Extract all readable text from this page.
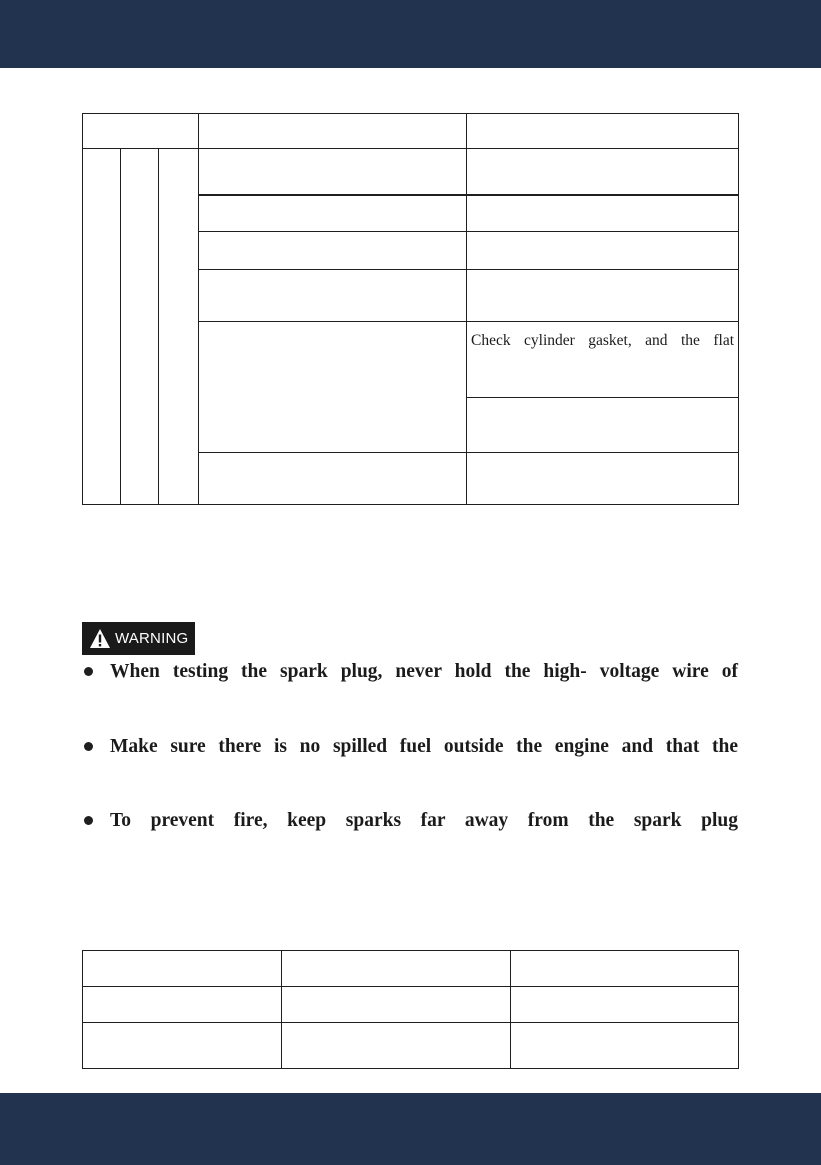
				Check cylinder gasket, and the flat

WARNING
When testing the spark plug, never hold the high- voltage wire of
Make sure there is no spilled fuel outside the engine and that the
To prevent fire, keep sparks far away from the spark plug
